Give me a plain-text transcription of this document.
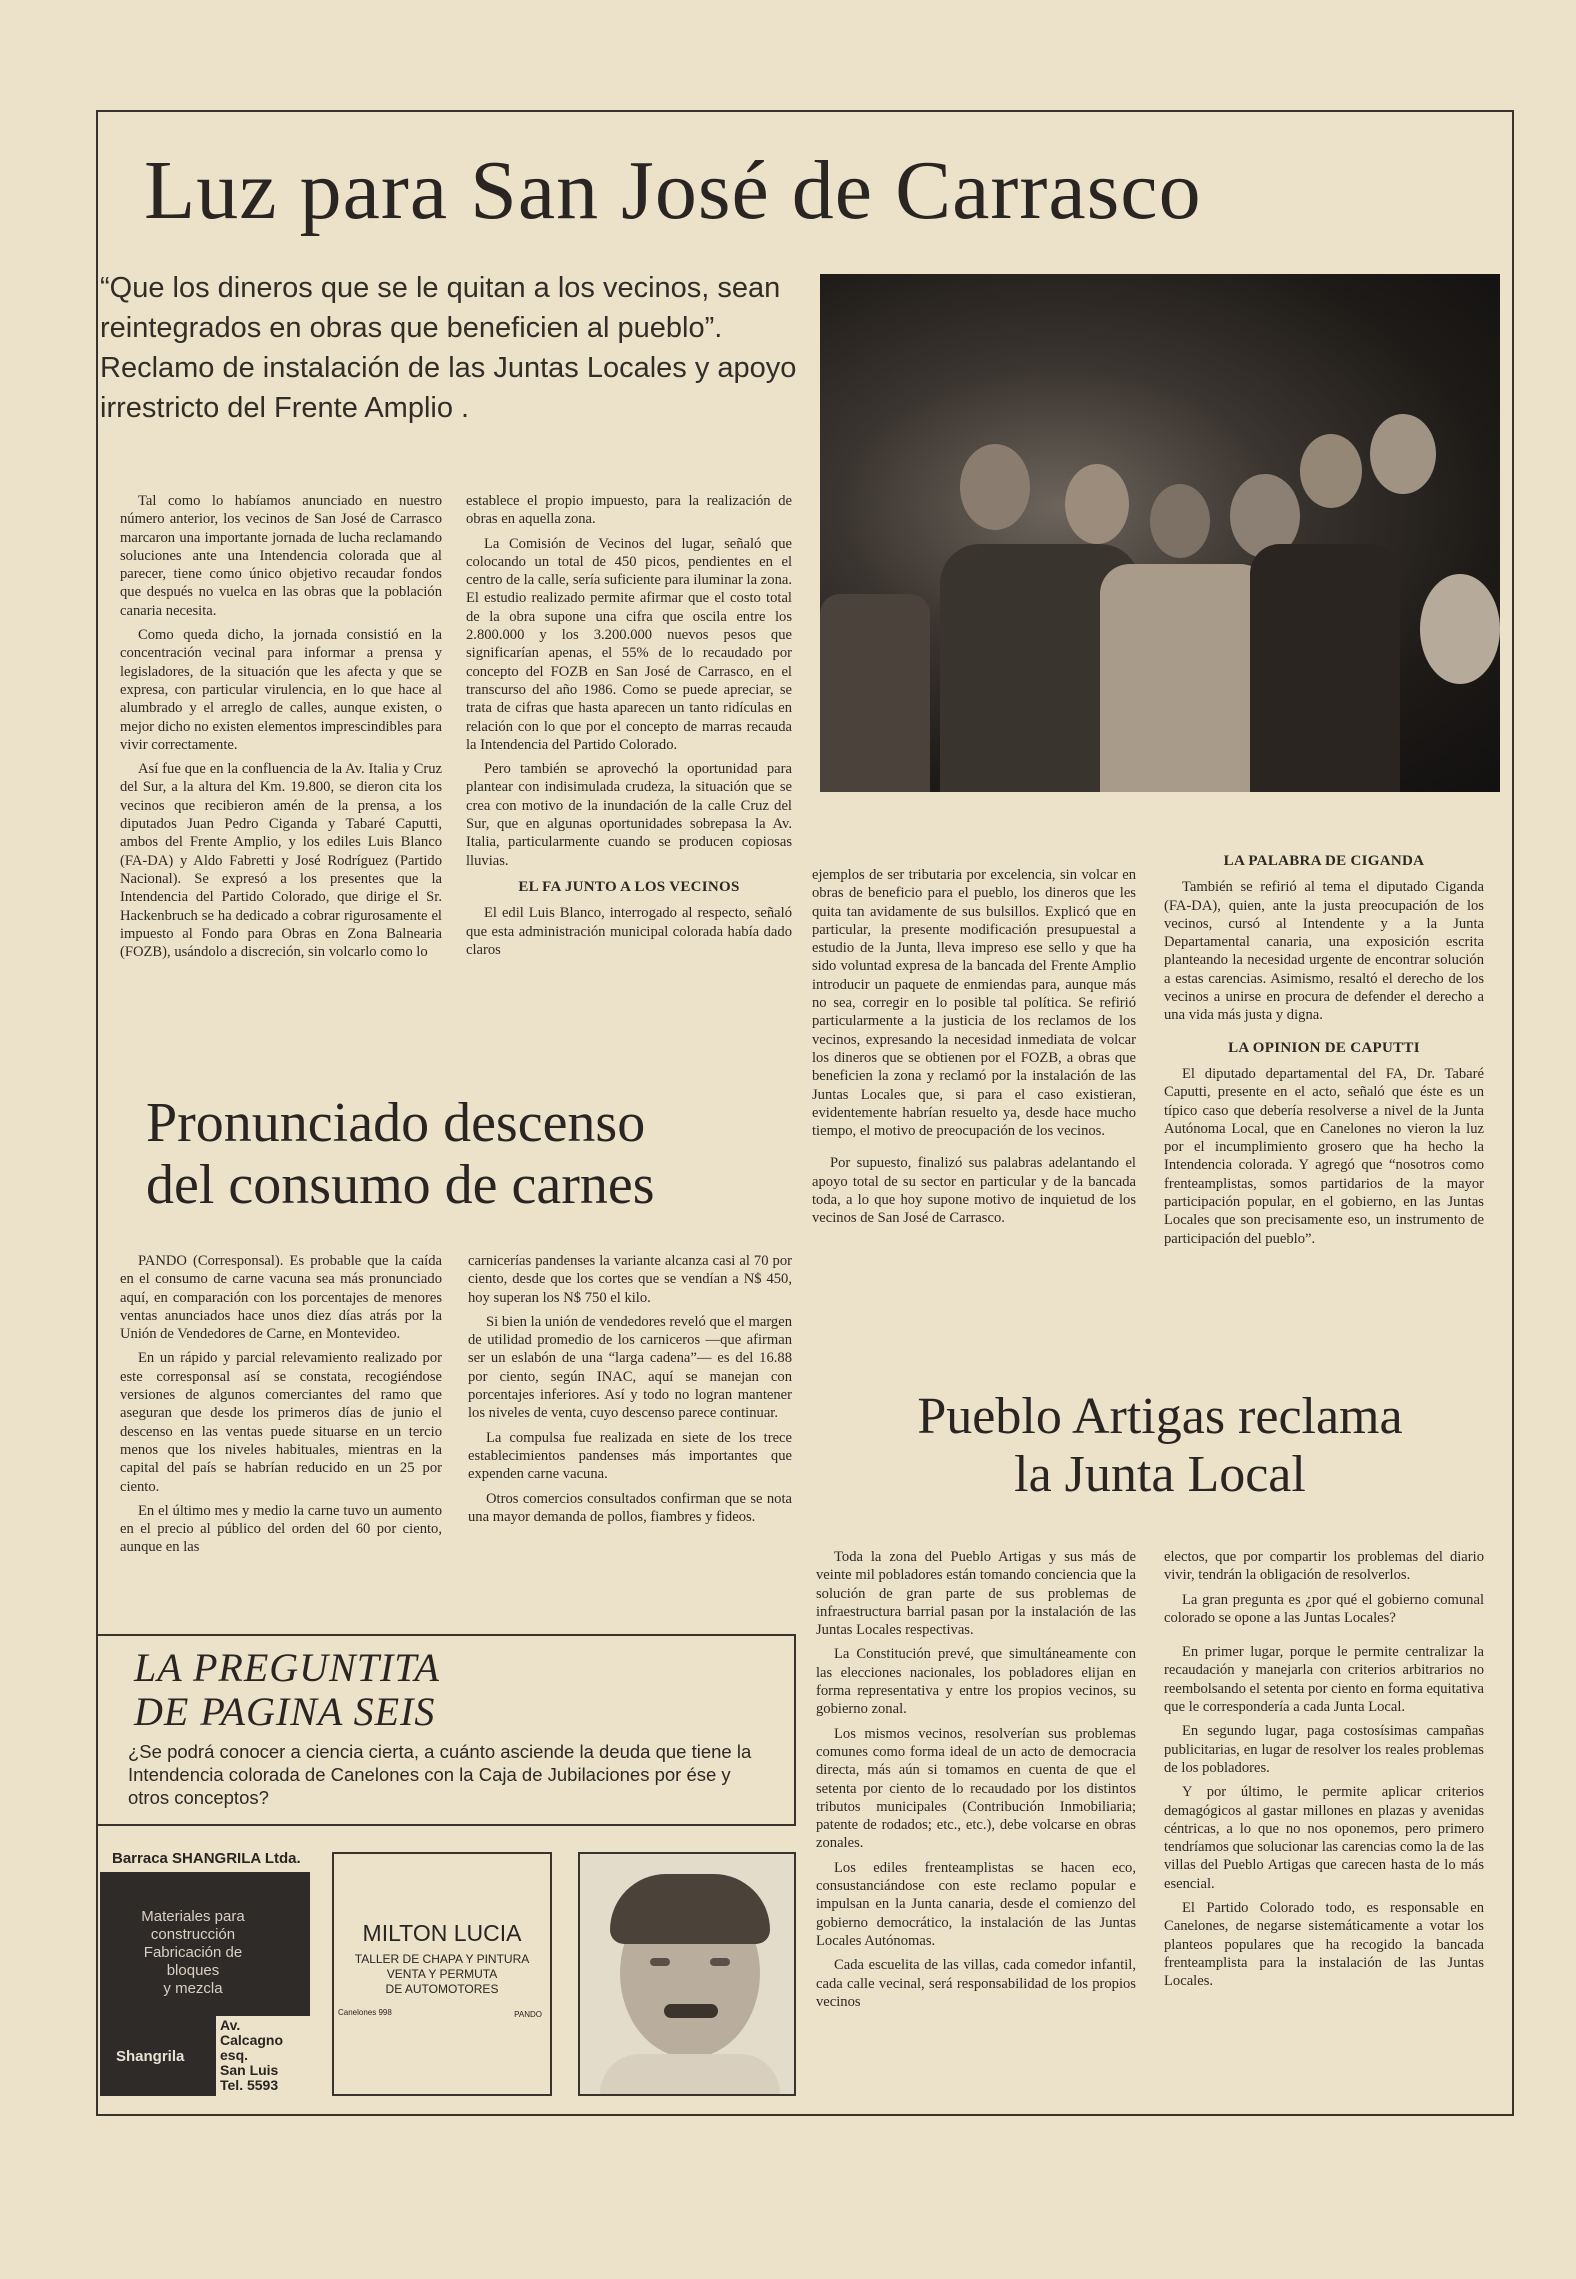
Luz para San José de Carrasco
“Que los dineros que se le quitan a los vecinos, sean reintegrados en obras que beneficien al pueblo”. Reclamo de instalación de las Juntas Locales y apoyo irrestricto del Frente Amplio .

Tal como lo habíamos anunciado en nuestro número anterior, los vecinos de San José de Carrasco marcaron una importante jornada de lucha reclamando soluciones ante una Intendencia colorada que al parecer, tiene como único objetivo recaudar fondos que después no vuelca en las obras que la población canaria necesita.

Como queda dicho, la jornada consistió en la concentración vecinal para informar a prensa y legisladores, de la situación que les afecta y que se expresa, con particular virulencia, en lo que hace al alumbrado y el arreglo de calles, aunque existen, o mejor dicho no existen elementos imprescindibles para vivir correctamente.

Así fue que en la confluencia de la Av. Italia y Cruz del Sur, a la altura del Km. 19.800, se dieron cita los vecinos que recibieron amén de la prensa, a los diputados Juan Pedro Ciganda y Tabaré Caputti, ambos del Frente Amplio, y los ediles Luis Blanco (FA-DA) y Aldo Fabretti y José Rodríguez (Partido Nacional). Se expresó a los presentes que la Intendencia del Partido Colorado, que dirige el Sr. Hackenbruch se ha dedicado a cobrar rigurosamente el impuesto al Fondo para Obras en Zona Balnearia (FOZB), usándolo a discreción, sin volcarlo como lo

establece el propio impuesto, para la realización de obras en aquella zona.

La Comisión de Vecinos del lugar, señaló que colocando un total de 450 picos, pendientes en el centro de la calle, sería suficiente para iluminar la zona. El estudio realizado permite afirmar que el costo total de la obra supone una cifra que oscila entre los 2.800.000 y los 3.200.000 nuevos pesos que significarían apenas, el 55% de lo recaudado por concepto del FOZB en San José de Carrasco, en el transcurso del año 1986. Como se puede apreciar, se trata de cifras que hasta aparecen un tanto ridículas en relación con lo que por el concepto de marras recauda la Intendencia del Partido Colorado.

Pero también se aprovechó la oportunidad para plantear con indisimulada crudeza, la situación que se crea con motivo de la inundación de la calle Cruz del Sur, que en algunas oportunidades sobrepasa la Av. Italia, particularmente cuando se producen copiosas lluvias.

EL FA JUNTO A LOS VECINOS

El edil Luis Blanco, interrogado al respecto, señaló que esta administración municipal colorada había dado claros

ejemplos de ser tributaria por excelencia, sin volcar en obras de beneficio para el pueblo, los dineros que les quita tan avidamente de sus bulsillos. Explicó que en particular, la presente modificación presupuestal a estudio de la Junta, lleva impreso ese sello y que ha sido voluntad expresa de la bancada del Frente Amplio introducir un paquete de enmiendas para, aunque más no sea, corregir en lo posible tal política. Se refirió particularmente a la justicia de los reclamos de los vecinos, expresando la necesidad inmediata de volcar los dineros que se obtienen por el FOZB, a obras que beneficien la zona y reclamó por la instalación de las Juntas Locales que, si para el caso existieran, evidentemente habrían resuelto ya, desde hace mucho tiempo, el motivo de preocupación de los vecinos.

Por supuesto, finalizó sus palabras adelantando el apoyo total de su sector en particular y de la bancada toda, a lo que hoy supone motivo de inquietud de los vecinos de San José de Carrasco.

LA PALABRA DE CIGANDA

También se refirió al tema el diputado Ciganda (FA-DA), quien, ante la justa preocupación de los vecinos, cursó al Intendente y a la Junta Departamental canaria, una exposición escrita planteando la necesidad urgente de encontrar solución a estas carencias. Asimismo, resaltó el derecho de los vecinos a unirse en procura de defender el derecho a una vida más justa y digna.

LA OPINION DE CAPUTTI

El diputado departamental del FA, Dr. Tabaré Caputti, presente en el acto, señaló que éste es un típico caso que debería resolverse a nivel de la Junta Autónoma Local, que en Canelones no vieron la luz por el incumplimiento grosero que ha hecho la Intendencia colorada. Y agregó que “nosotros como frenteamplistas, somos partidarios de la mayor participación popular, en el gobierno, en las Juntas Locales que son precisamente eso, un instrumento de participación del pueblo”.

Pronunciado descenso
del consumo de carnes

PANDO (Corresponsal). Es probable que la caída en el consumo de carne vacuna sea más pronunciado aquí, en comparación con los porcentajes de menores ventas anunciados hace unos diez días atrás por la Unión de Vendedores de Carne, en Montevideo.

En un rápido y parcial relevamiento realizado por este corresponsal así se constata, recogiéndose versiones de algunos comerciantes del ramo que aseguran que desde los primeros días de junio el descenso en las ventas puede situarse en un tercio menos que los niveles habituales, mientras en la capital del país se habrían reducido en un 25 por ciento.

En el último mes y medio la carne tuvo un aumento en el precio al público del orden del 60 por ciento, aunque en las

carnicerías pandenses la variante alcanza casi al 70 por ciento, desde que los cortes que se vendían a N$ 450, hoy superan los N$ 750 el kilo.

Si bien la unión de vendedores reveló que el margen de utilidad promedio de los carniceros —que afirman ser un eslabón de una “larga cadena”— es del 16.88 por ciento, según INAC, aquí se manejan con porcentajes inferiores. Así y todo no logran mantener los niveles de venta, cuyo descenso parece continuar.

La compulsa fue realizada en siete de los trece establecimientos pandenses más importantes que expenden carne vacuna.

Otros comercios consultados confirman que se nota una mayor demanda de pollos, fiambres y fideos.

Pueblo Artigas reclama
la Junta Local

Toda la zona del Pueblo Artigas y sus más de veinte mil pobladores están tomando conciencia que la solución de gran parte de sus problemas de infraestructura barrial pasan por la instalación de las Juntas Locales respectivas.

La Constitución prevé, que simultáneamente con las elecciones nacionales, los pobladores elijan en forma representativa y entre los propios vecinos, su gobierno zonal.

Los mismos vecinos, resolverían sus problemas comunes como forma ideal de un acto de democracia directa, más aún si tomamos en cuenta de que el setenta por ciento de lo recaudado por los distintos tributos municipales (Contribución Inmobiliaria; patente de rodados; etc., etc.), debe volcarse en obras zonales.

Los ediles frenteamplistas se hacen eco, consustanciándose con este reclamo popular e impulsan en la Junta canaria, desde el comienzo del gobierno democrático, la instalación de las Juntas Locales Autónomas.

Cada escuelita de las villas, cada comedor infantil, cada calle vecinal, será responsabilidad de los propios vecinos

electos, que por compartir los problemas del diario vivir, tendrán la obligación de resolverlos.

La gran pregunta es ¿por qué el gobierno comunal colorado se opone a las Juntas Locales?

En primer lugar, porque le permite centralizar la recaudación y manejarla con criterios arbitrarios no reembolsando el setenta por ciento en forma equitativa que le correspondería a cada Junta Local.

En segundo lugar, paga costosísimas campañas publicitarias, en lugar de resolver los reales problemas de los pobladores.

Y por último, le permite aplicar criterios demagógicos al gastar millones en plazas y avenidas céntricas, a lo que no nos oponemos, pero primero tendríamos que solucionar las carencias como la de las villas del Pueblo Artigas que carecen hasta de lo más esencial.

El Partido Colorado todo, es responsable en Canelones, de negarse sistemáticamente a votar los planteos populares que ha recogido la bancada frenteamplista para la instalación de las Juntas Locales.

LA PREGUNTITA
DE PAGINA SEIS
¿Se podrá conocer a ciencia cierta, a cuánto asciende la deuda que tiene la Intendencia colorada de Canelones con la Caja de Jubilaciones por ése y otros conceptos?
Barraca SHANGRILA Ltda.
Materiales para
construcción
Fabricación de
bloques
y mezcla
Shangrila
Av.
Calcagno
esq.
San Luis
Tel. 5593
MILTON LUCIA
TALLER DE CHAPA Y PINTURA
VENTA Y PERMUTA
DE AUTOMOTORES
Canelones 998	PANDO
